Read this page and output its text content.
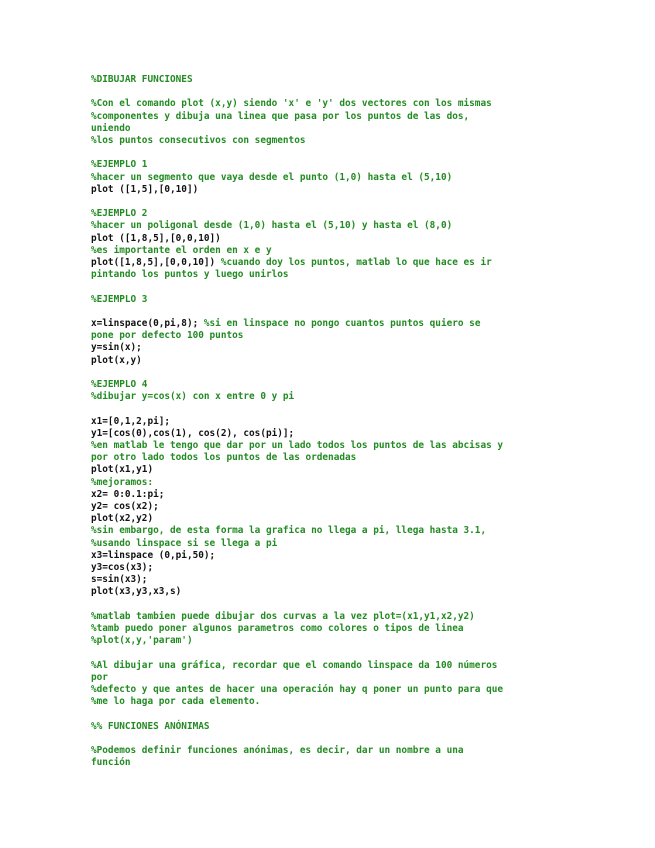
%DIBUJAR FUNCIONES
%Con el comando plot (x,y) siendo 'x' e 'y' dos vectores con los mismas
%componentes y dibuja una linea que pasa por los puntos de las dos,
uniendo
%los puntos consecutivos con segmentos
%EJEMPLO 1
%hacer un segmento que vaya desde el punto (1,0) hasta el (5,10)
plot ([1,5],[0,10])
%EJEMPLO 2
%hacer un poligonal desde (1,0) hasta el (5,10) y hasta el (8,0)
plot ([1,8,5],[0,0,10])
%es importante el orden en x e y
plot([1,8,5],[0,0,10]) %cuando doy los puntos, matlab lo que hace es ir
pintando los puntos y luego unirlos
%EJEMPLO 3
x=linspace(0,pi,8); %si en linspace no pongo cuantos puntos quiero se
pone por defecto 100 puntos
y=sin(x);
plot(x,y)
%EJEMPLO 4
%dibujar y=cos(x) con x entre 0 y pi
x1=[0,1,2,pi];
y1=[cos(0),cos(1), cos(2), cos(pi)];
%en matlab le tengo que dar por un lado todos los puntos de las abcisas y
por otro lado todos los puntos de las ordenadas
plot(x1,y1)
%mejoramos:
x2= 0:0.1:pi;
y2= cos(x2);
plot(x2,y2)
%sin embargo, de esta forma la grafica no llega a pi, llega hasta 3.1,
%usando linspace si se llega a pi
x3=linspace (0,pi,50);
y3=cos(x3);
s=sin(x3);
plot(x3,y3,x3,s)
%matlab tambien puede dibujar dos curvas a la vez plot=(x1,y1,x2,y2)
%tamb puedo poner algunos parametros como colores o tipos de linea
%plot(x,y,'param')
%Al dibujar una gráfica, recordar que el comando linspace da 100 números
por
%defecto y que antes de hacer una operación hay q poner un punto para que
%me lo haga por cada elemento.
%% FUNCIONES ANÓNIMAS
%Podemos definir funciones anónimas, es decir, dar un nombre a una
función
